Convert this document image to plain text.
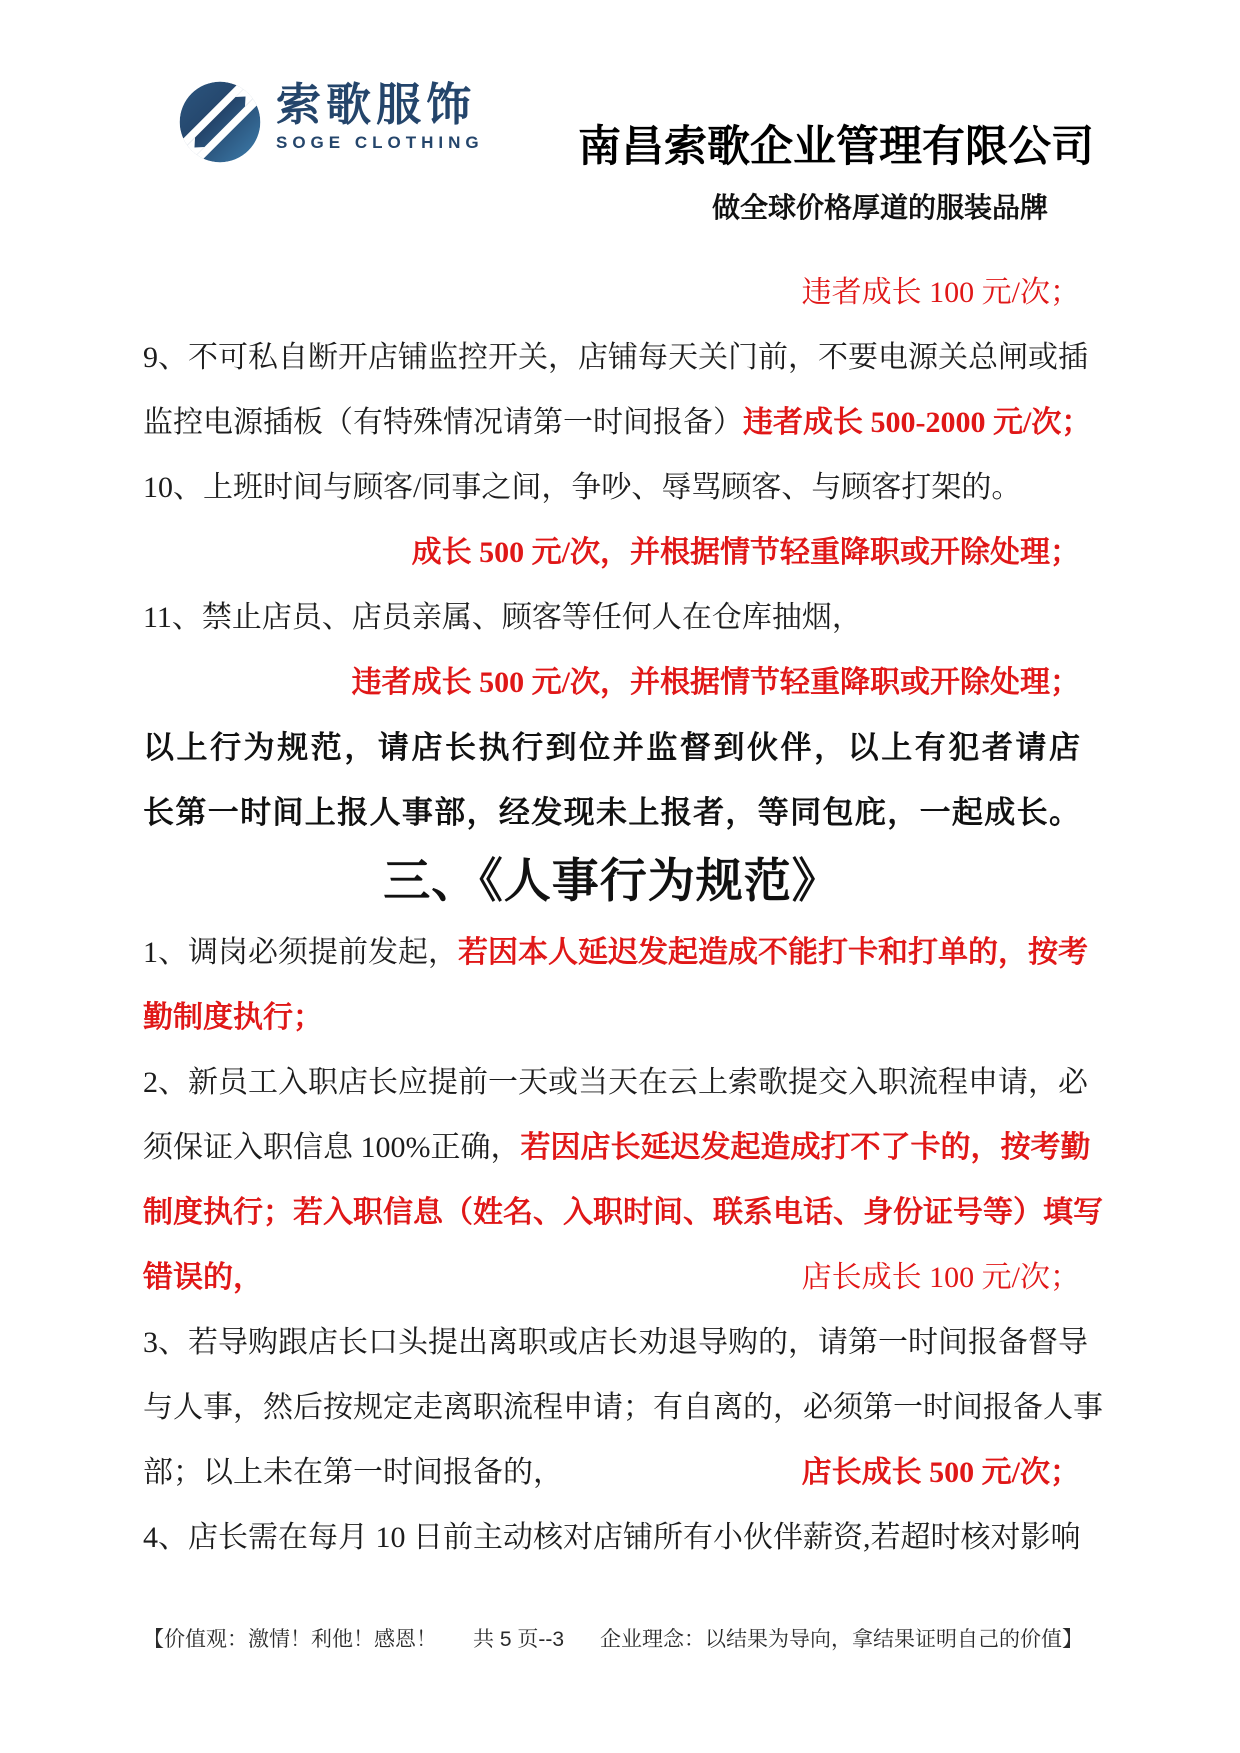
索歌服饰
SOGE CLOTHING 南昌索歌企业管理有限公司
做全球价格厚道的服装品牌
违者成长 100 元/次；
9、不可私自断开店铺监控开关，店铺每天关门前，不要电源关总闸或插
监控电源插板（有特殊情况请第一时间报备） 违者成长 500-2000 元/次；
10、上班时间与顾客/同事之间，争吵、辱骂顾客、与顾客打架的。
成长 500 元/次，并根据情节轻重降职或开除处理；
11、禁止店员、店员亲属、顾客等任何人在仓库抽烟，
违者成长 500 元/次，并根据情节轻重降职或开除处理；
以上行为规范，请店长执行到位并监督到伙伴，以上有犯者请店
长第一时间上报人事部，经发现未上报者，等同包庇，一起成长。
三、《人事行为规范》
1、调岗必须提前发起， 若因本人延迟发起造成不能打卡和打单的，按考
勤制度执行；
2、新员工入职店长应提前一天或当天在云上索歌提交入职流程申请，必
须保证入职信息 100%正确， 若因店长延迟发起造成打不了卡的，按考勤
制度执行；若入职信息（姓名、入职时间、联系电话、身份证号等）填写
错误的，	店长成长 100 元/次；
3、若导购跟店长口头提出离职或店长劝退导购的，请第一时间报备督导
与人事，然后按规定走离职流程申请；有自离的，必须第一时间报备人事
部；以上未在第一时间报备的，	店长成长 500 元/次；
4、店长需在每月 10 日前主动核对店铺所有小伙伴薪资,若超时核对影响
【价值观：激情！利他！感恩！ 共 5 页--3 企业理念：以结果为导向，拿结果证明自己的价值】
